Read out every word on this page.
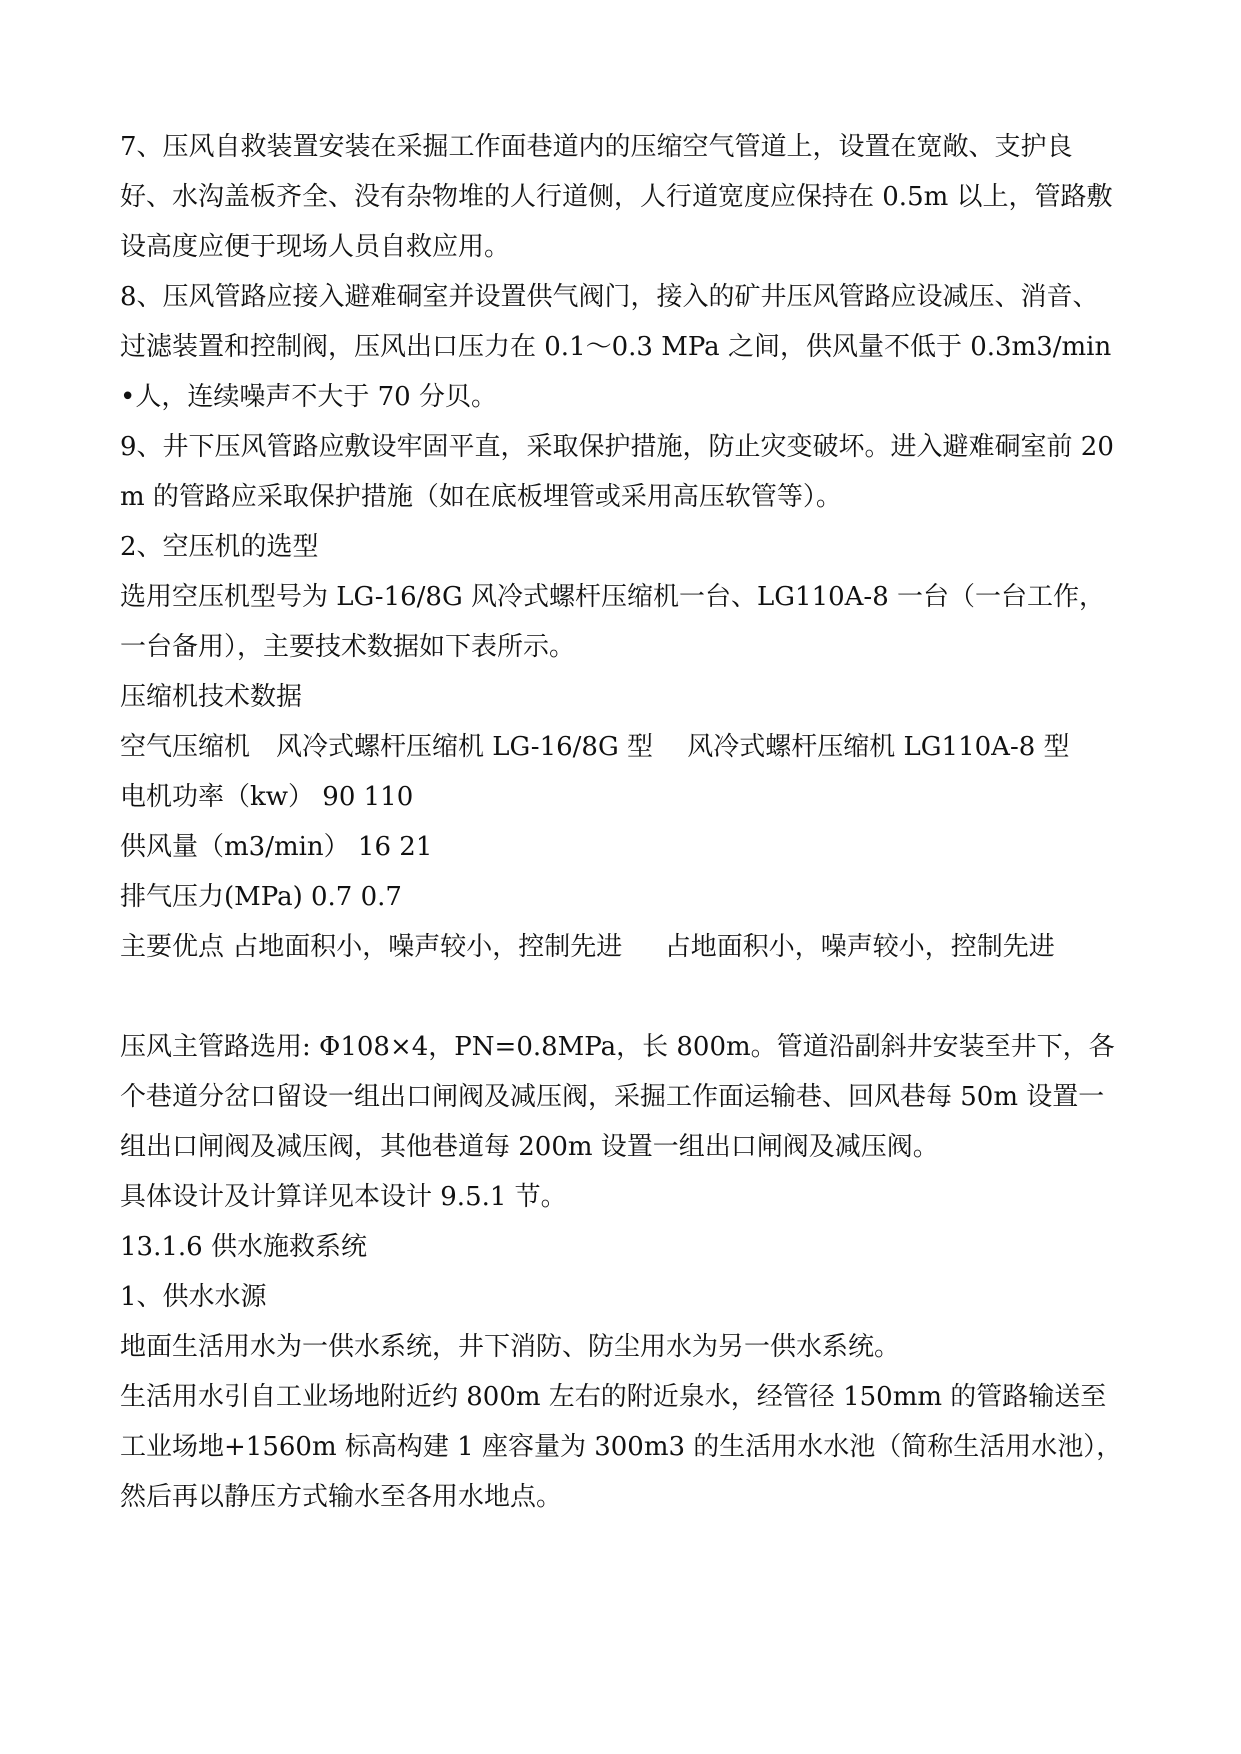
7、压风自救装置安装在采掘工作面巷道内的压缩空气管道上，设置在宽敞、支护良好、水沟盖板齐全、没有杂物堆的人行道侧，人行道宽度应保持在 0.5m 以上，管路敷设高度应便于现场人员自救应用。

8、压风管路应接入避难硐室并设置供气阀门，接入的矿井压风管路应设减压、消音、过滤装置和控制阀，压风出口压力在 0.1～0.3 MPa 之间，供风量不低于 0.3m3/min•人，连续噪声不大于 70 分贝。

9、井下压风管路应敷设牢固平直，采取保护措施，防止灾变破坏。进入避难硐室前 20m 的管路应采取保护措施（如在底板埋管或采用高压软管等）。

2、空压机的选型

选用空压机型号为 LG-16/8G 风冷式螺杆压缩机一台、LG110A-8 一台（一台工作，一台备用），主要技术数据如下表所示。

压缩机技术数据

空气压缩机　风冷式螺杆压缩机 LG-16/8G 型　 风冷式螺杆压缩机 LG110A-8 型

电机功率（kw） 90 110

供风量（m3/min） 16 21

排气压力(MPa) 0.7 0.7

主要优点 占地面积小，噪声较小，控制先进 　 占地面积小，噪声较小，控制先进

压风主管路选用: Φ108×4，PN=0.8MPa，长 800m。管道沿副斜井安装至井下，各个巷道分岔口留设一组出口闸阀及减压阀，采掘工作面运输巷、回风巷每 50m 设置一组出口闸阀及减压阀，其他巷道每 200m 设置一组出口闸阀及减压阀。

具体设计及计算详见本设计 9.5.1 节。

13.1.6 供水施救系统

1、供水水源

地面生活用水为一供水系统，井下消防、防尘用水为另一供水系统。

生活用水引自工业场地附近约 800m 左右的附近泉水，经管径 150mm 的管路输送至工业场地+1560m 标高构建 1 座容量为 300m3 的生活用水水池（简称生活用水池），然后再以静压方式输水至各用水地点。
